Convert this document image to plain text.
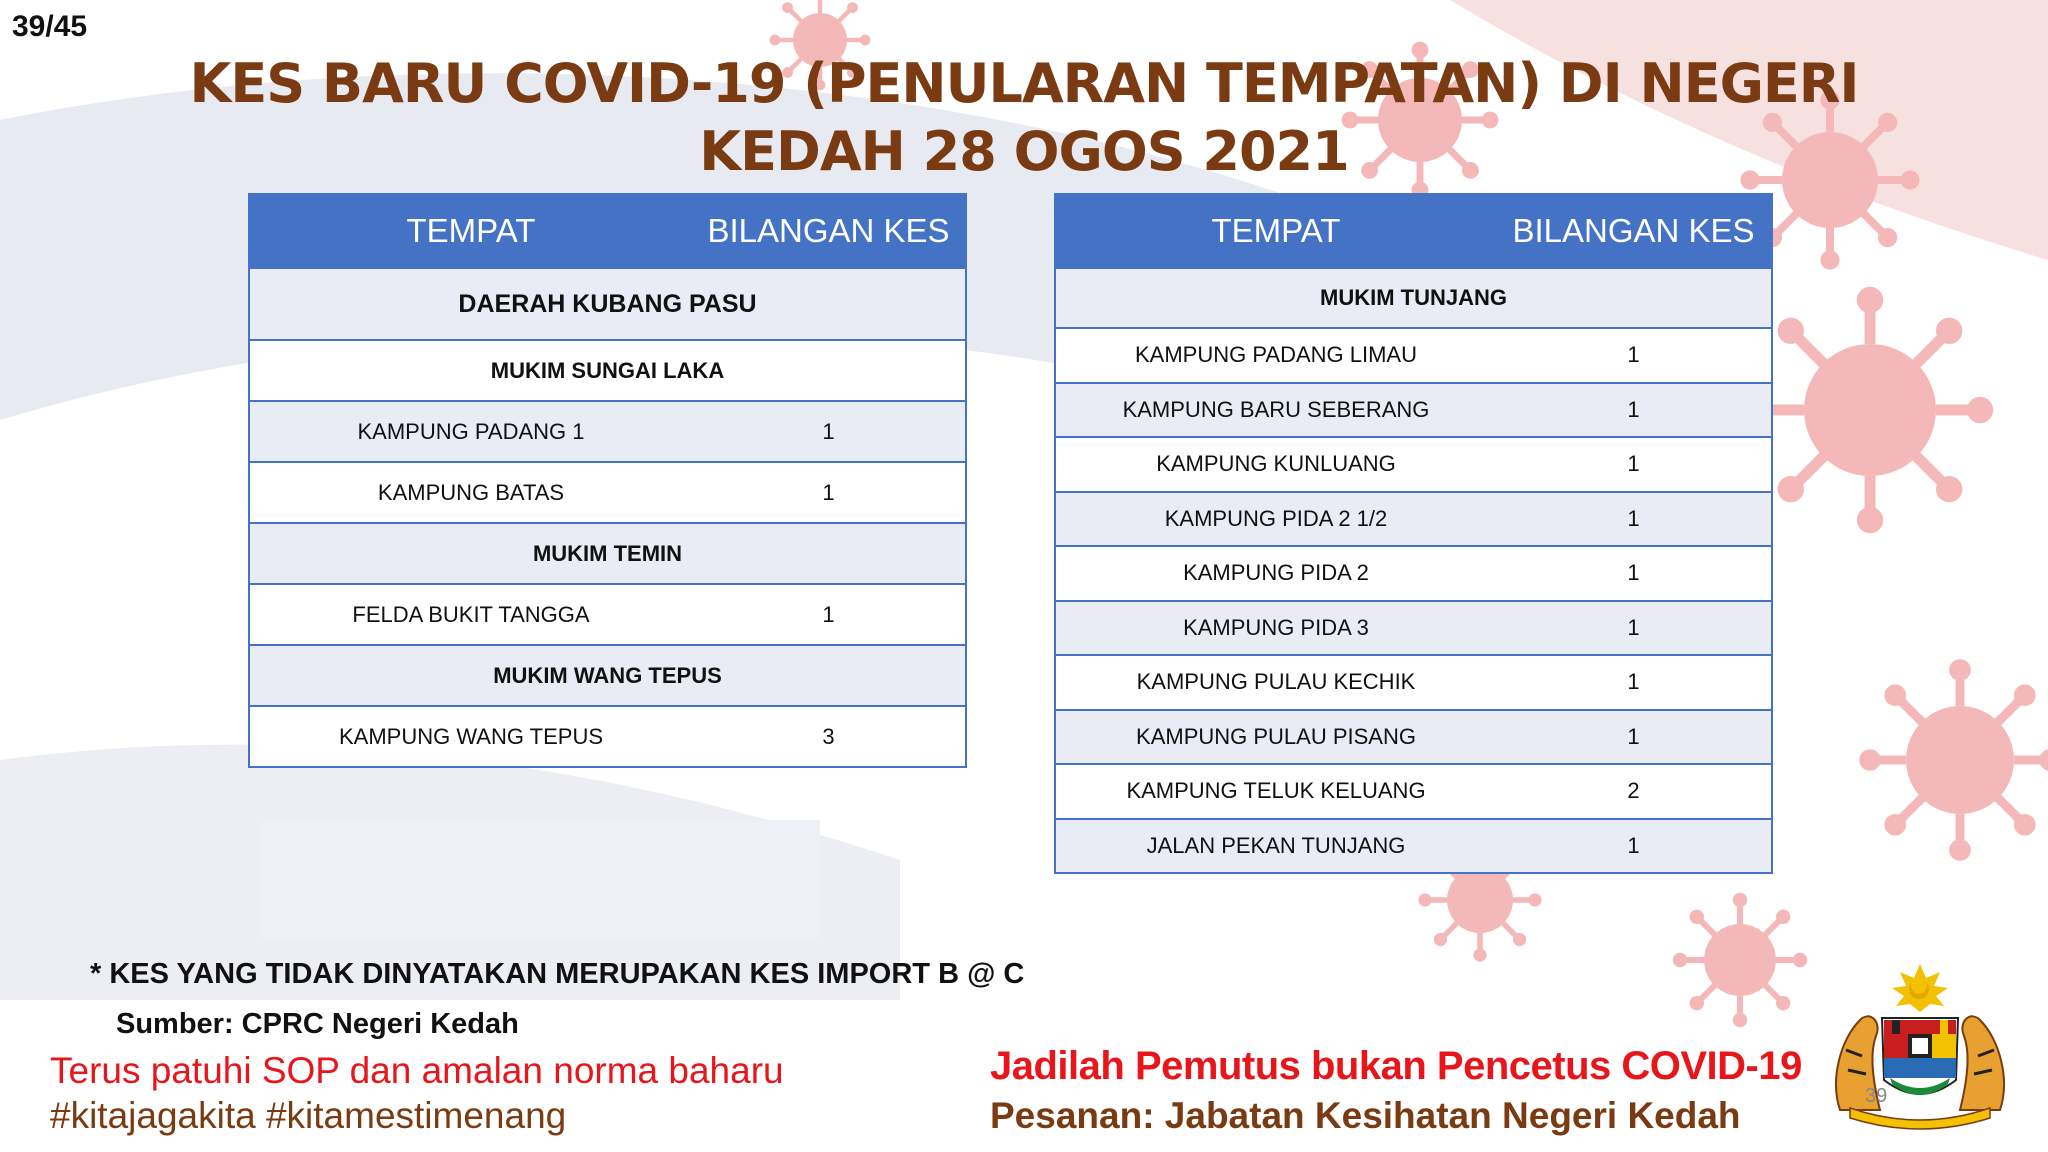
39/45
KES BARU COVID-19 (PENULARAN TEMPATAN) DI NEGERI
KEDAH 28 OGOS 2021
TEMPAT	BILANGAN KES
DAERAH KUBANG PASU	
MUKIM SUNGAI LAKA	
KAMPUNG PADANG 1	1
KAMPUNG BATAS	1
MUKIM TEMIN	
FELDA BUKIT TANGGA	1
MUKIM WANG TEPUS	
KAMPUNG WANG TEPUS	3
TEMPAT	BILANGAN KES
MUKIM TUNJANG	
KAMPUNG PADANG LIMAU	1
KAMPUNG BARU SEBERANG	1
KAMPUNG KUNLUANG	1
KAMPUNG PIDA 2 1/2	1
KAMPUNG PIDA 2	1
KAMPUNG PIDA 3	1
KAMPUNG PULAU KECHIK	1
KAMPUNG PULAU PISANG	1
KAMPUNG TELUK KELUANG	2
JALAN PEKAN TUNJANG	1
* KES YANG TIDAK DINYATAKAN MERUPAKAN KES IMPORT B @ C
Sumber: CPRC Negeri Kedah
Terus patuhi SOP dan amalan norma baharu
#kitajagakita #kitamestimenang
Jadilah Pemutus bukan Pencetus COVID-19
Pesanan: Jabatan Kesihatan Negeri Kedah	39
